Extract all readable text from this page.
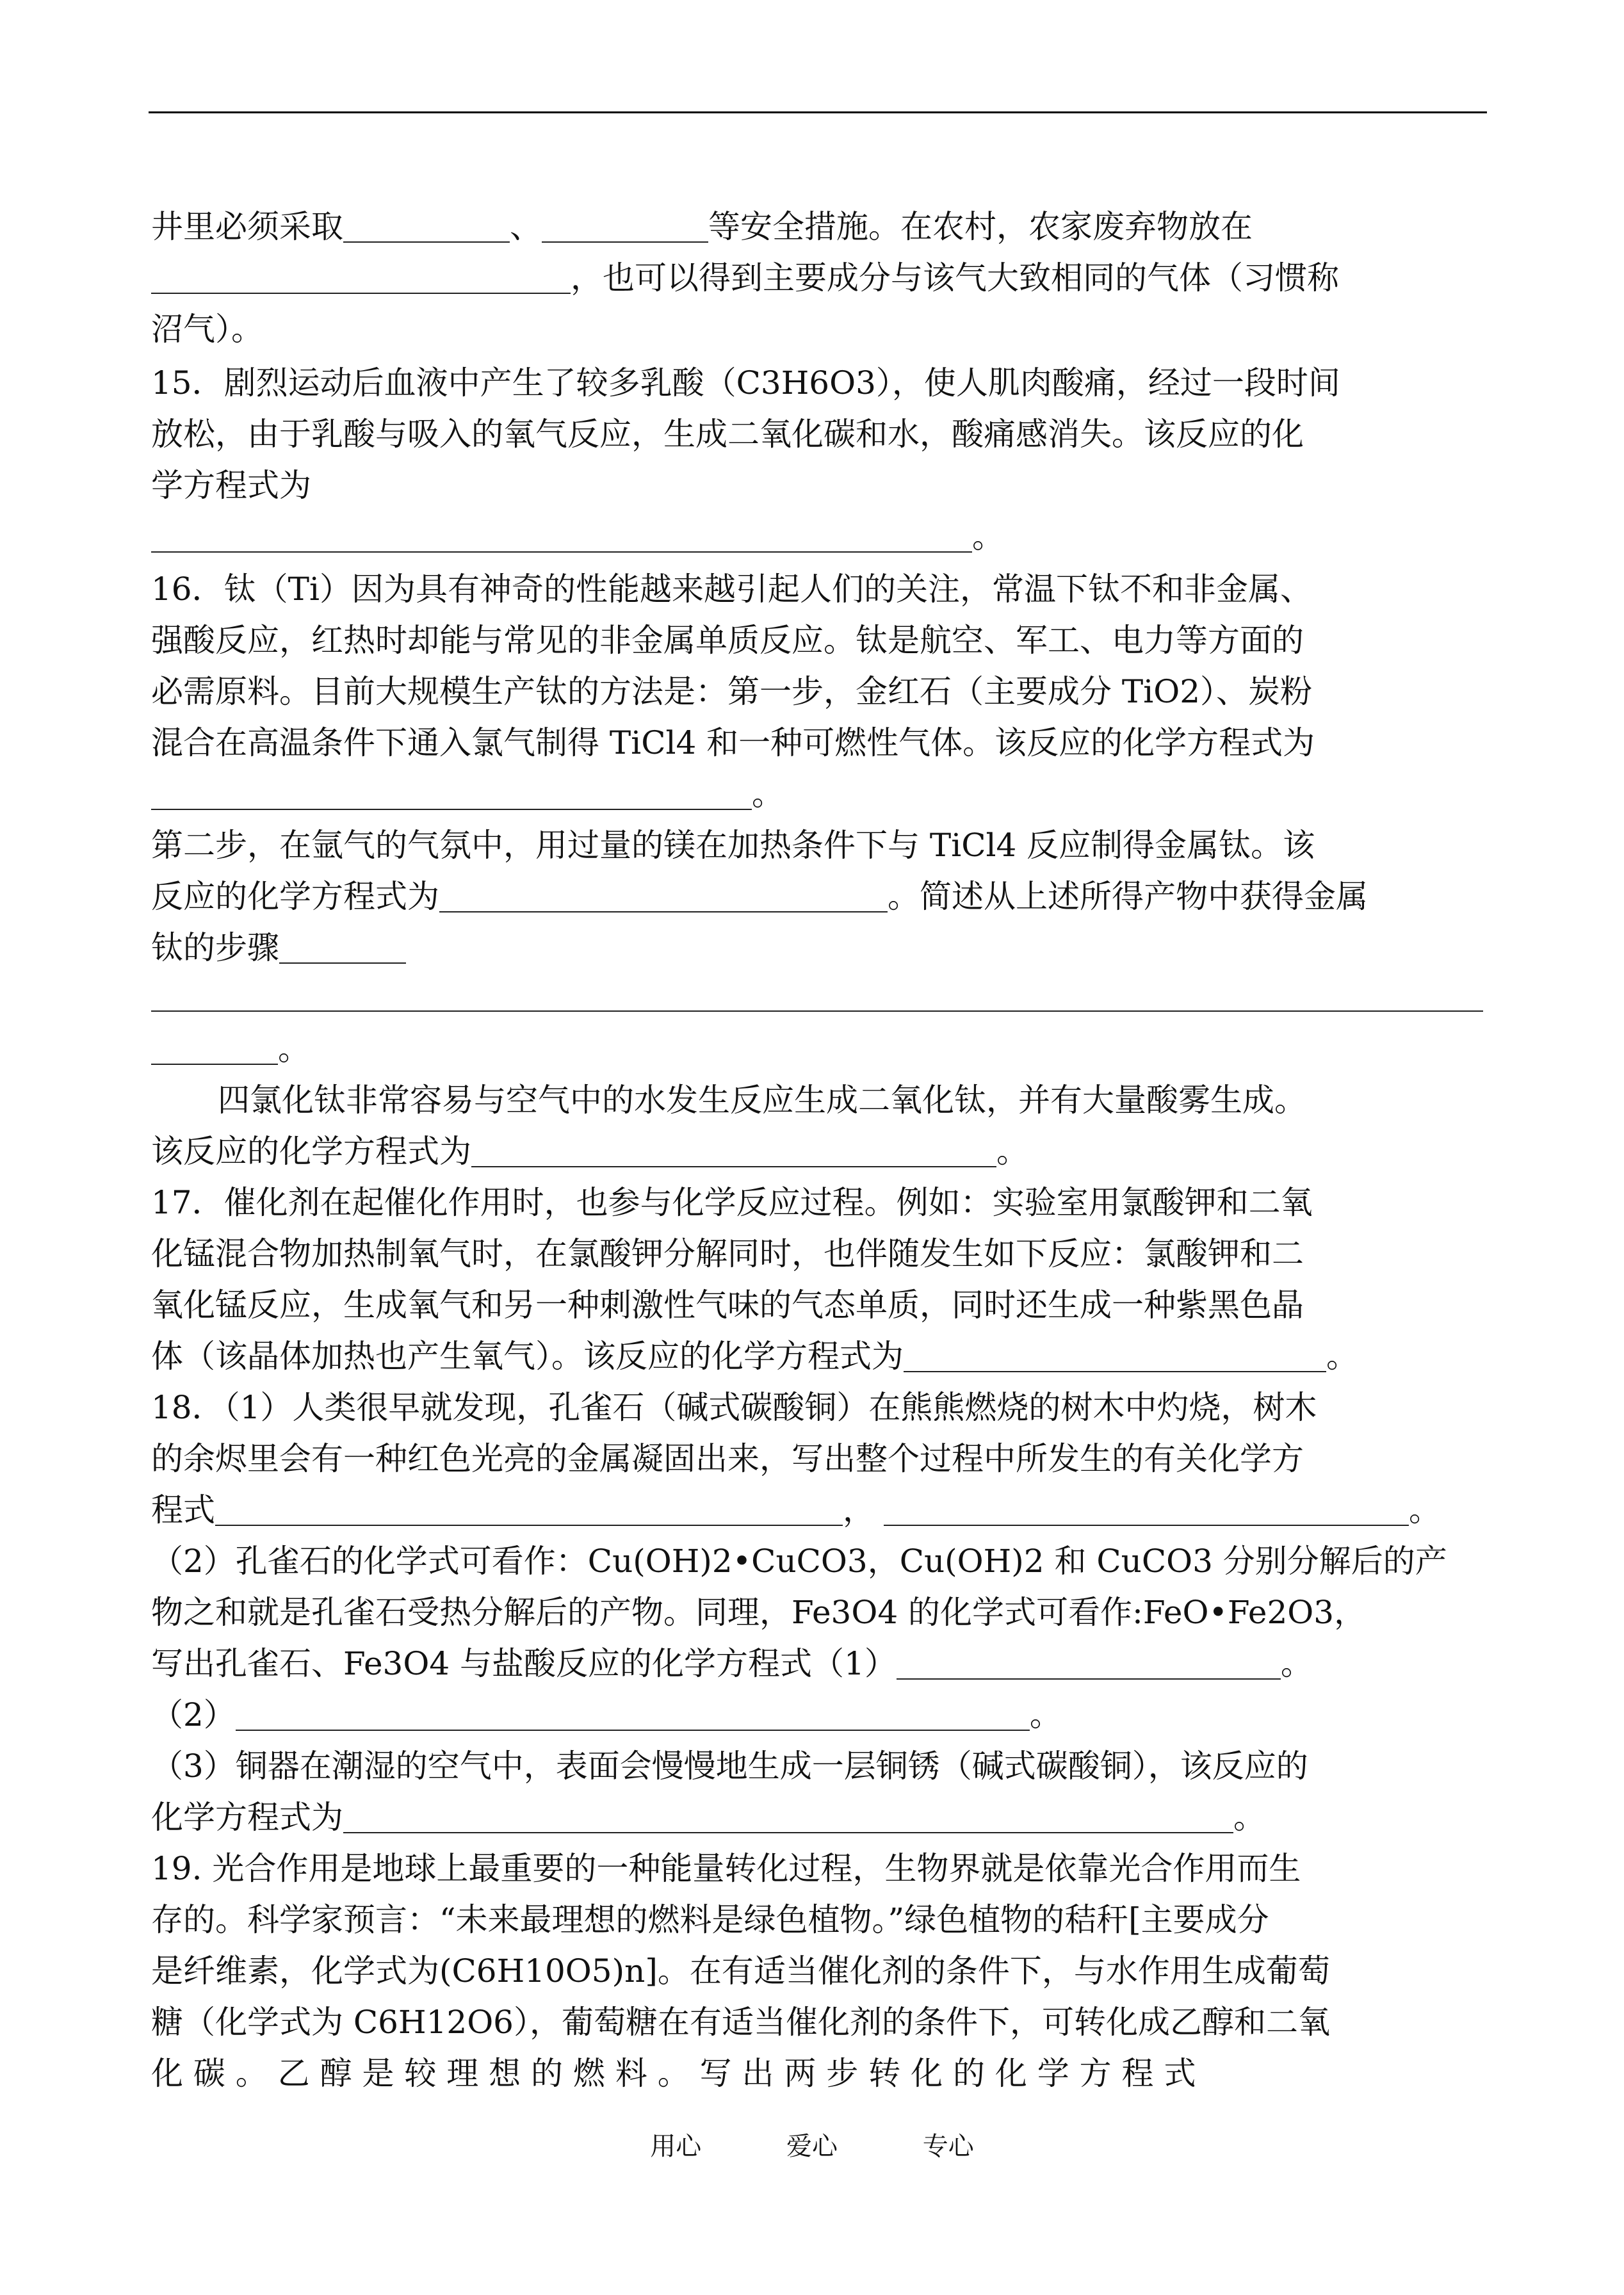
井里必须采取	、	等安全措施。在农村，农家废弃物放在
，也可以得到主要成分与该气大致相同的气体（习惯称
沼气）。
15．剧烈运动后血液中产生了较多乳酸（C3H6O3），使人肌肉酸痛，经过一段时间
放松，由于乳酸与吸入的氧气反应，生成二氧化碳和水，酸痛感消失。该反应的化
学方程式为
。
16．钛（Ti）因为具有神奇的性能越来越引起人们的关注，常温下钛不和非金属、
强酸反应，红热时却能与常见的非金属单质反应。钛是航空、军工、电力等方面的
必需原料。目前大规模生产钛的方法是：第一步，金红石（主要成分 TiO2）、炭粉
混合在高温条件下通入氯气制得 TiCl4 和一种可燃性气体。该反应的化学方程式为
。
第二步，在氩气的气氛中，用过量的镁在加热条件下与 TiCl4 反应制得金属钛。该
反应的化学方程式为	。简述从上述所得产物中获得金属
钛的步骤
。
四氯化钛非常容易与空气中的水发生反应生成二氧化钛，并有大量酸雾生成。
该反应的化学方程式为	。
17．催化剂在起催化作用时，也参与化学反应过程。例如：实验室用氯酸钾和二氧
化锰混合物加热制氧气时，在氯酸钾分解同时，也伴随发生如下反应：氯酸钾和二
氧化锰反应，生成氧气和另一种刺激性气味的气态单质，同时还生成一种紫黑色晶
体（该晶体加热也产生氧气）。该反应的化学方程式为	。
18．（1）人类很早就发现，孔雀石（碱式碳酸铜）在熊熊燃烧的树木中灼烧，树木
的余烬里会有一种红色光亮的金属凝固出来，写出整个过程中所发生的有关化学方
程式	，	。
（2）孔雀石的化学式可看作：Cu(OH)2•CuCO3，Cu(OH)2 和 CuCO3 分别分解后的产
物之和就是孔雀石受热分解后的产物。同理，Fe3O4 的化学式可看作:FeO•Fe2O3，
写出孔雀石、Fe3O4 与盐酸反应的化学方程式（1）	。
（2）	。
（3）铜器在潮湿的空气中，表面会慢慢地生成一层铜锈（碱式碳酸铜），该反应的
化学方程式为	。
19. 光合作用是地球上最重要的一种能量转化过程，生物界就是依靠光合作用而生
存的。科学家预言：“未来最理想的燃料是绿色植物。”绿色植物的秸秆[主要成分
是纤维素，化学式为(C6H10O5)n]。在有适当催化剂的条件下，与水作用生成葡萄
糖（化学式为 C6H12O6），葡萄糖在有适当催化剂的条件下，可转化成乙醇和二氧
化 碳 。 乙 醇 是 较 理 想 的 燃 料 。 写 出 两 步 转 化 的 化 学 方 程 式
用心	爱心	专心
